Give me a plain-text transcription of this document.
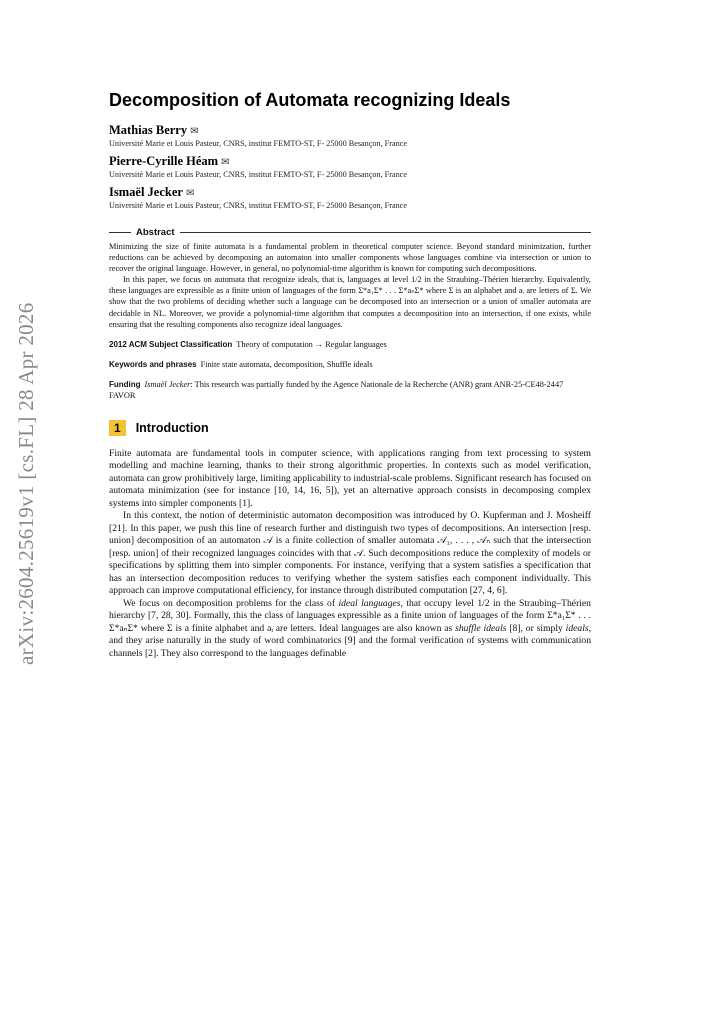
arXiv:2604.25619v1 [cs.FL] 28 Apr 2026
Decomposition of Automata recognizing Ideals
Mathias Berry ✉
Université Marie et Louis Pasteur, CNRS, institut FEMTO-ST, F- 25000 Besançon, France
Pierre-Cyrille Héam ✉
Université Marie et Louis Pasteur, CNRS, institut FEMTO-ST, F- 25000 Besançon, France
Ismaël Jecker ✉
Université Marie et Louis Pasteur, CNRS, institut FEMTO-ST, F- 25000 Besançon, France
Abstract

Minimizing the size of finite automata is a fundamental problem in theoretical computer science. Beyond standard minimization, further reductions can be achieved by decomposing an automaton into smaller components whose languages combine via intersection or union to recover the original language. However, in general, no polynomial-time algorithm is known for computing such decompositions.

In this paper, we focus on automata that recognize ideals, that is, languages at level 1/2 in the Straubing–Thérien hierarchy. Equivalently, these languages are expressible as a finite union of languages of the form Σ*a₁Σ* . . . Σ*aₙΣ* where Σ is an alphabet and aᵢ are letters of Σ. We show that the two problems of deciding whether such a language can be decomposed into an intersection or a union of smaller automata are decidable in NL. Moreover, we provide a polynomial-time algorithm that computes a decomposition into an intersection, if one exists, while ensuring that the resulting components also recognize ideal languages.

2012 ACM Subject Classification Theory of computation → Regular languages
Keywords and phrases Finite state automata, decomposition, Shuffle ideals
Funding Ismaël Jecker: This research was partially funded by the Agence Nationale de la Recherche (ANR) grant ANR-25-CE48-2447 FAVOR
1	Introduction

Finite automata are fundamental tools in computer science, with applications ranging from text processing to system modelling and machine learning, thanks to their strong algorithmic properties. In contexts such as model verification, automata can grow prohibitively large, limiting applicability to industrial-scale problems. Significant research has focused on automata minimization (see for instance [10, 14, 16, 5]), yet an alternative approach consists in decomposing complex systems into simpler components [1].

In this context, the notion of deterministic automaton decomposition was introduced by O. Kupferman and J. Mosheiff [21]. In this paper, we push this line of research further and distinguish two types of decompositions. An intersection [resp. union] decomposition of an automaton 𝒜 is a finite collection of smaller automata 𝒜₁, . . . , 𝒜ₙ such that the intersection [resp. union] of their recognized languages coincides with that 𝒜. Such decompositions reduce the complexity of models or specifications by splitting them into simpler components. For instance, verifying that a system satisfies a specification that has an intersection decomposition reduces to verifying whether the system satisfies each component individually. This approach can improve computational efficiency, for instance through distributed computation [27, 4, 6].

We focus on decomposition problems for the class of ideal languages, that occupy level 1/2 in the Straubing–Thérien hierarchy [7, 28, 30]. Formally, this the class of languages expressible as a finite union of languages of the form Σ*a₁Σ* . . . Σ*aₙΣ* where Σ is a finite alphabet and aᵢ are letters. Ideal languages are also known as shuffle ideals [8], or simply ideals, and they arise naturally in the study of word combinatorics [9] and the formal verification of systems with communication channels [2]. They also correspond to the languages definable
